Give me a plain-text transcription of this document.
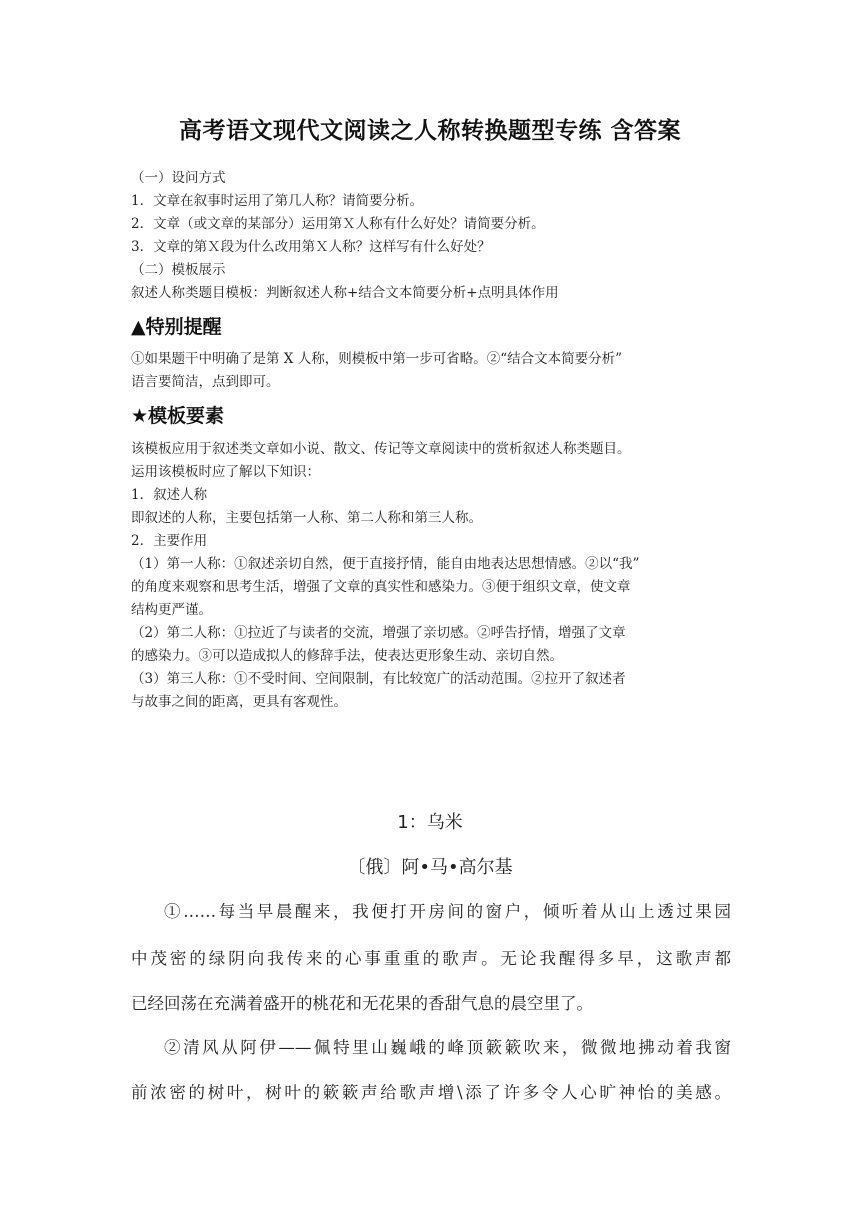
高考语文现代文阅读之人称转换题型专练 含答案
（一）设问方式
1．文章在叙事时运用了第几人称？请简要分析。
2．文章（或文章的某部分）运用第Ｘ人称有什么好处？请简要分析。
3．文章的第Ｘ段为什么改用第Ｘ人称？这样写有什么好处？
（二）模板展示
叙述人称类题目模板：判断叙述人称+结合文本简要分析+点明具体作用
▲特别提醒
①如果题干中明确了是第 X 人称，则模板中第一步可省略。②“结合文本简要分析”
语言要简洁，点到即可。
★模板要素
该模板应用于叙述类文章如小说、散文、传记等文章阅读中的赏析叙述人称类题目。
运用该模板时应了解以下知识：
1．叙述人称
即叙述的人称，主要包括第一人称、第二人称和第三人称。
2．主要作用
（1）第一人称：①叙述亲切自然，便于直接抒情，能自由地表达思想情感。②以“我”
的角度来观察和思考生活，增强了文章的真实性和感染力。③便于组织文章，使文章
结构更严谨。
（2）第二人称：①拉近了与读者的交流，增强了亲切感。②呼告抒情，增强了文章
的感染力。③可以造成拟人的修辞手法，使表达更形象生动、亲切自然。
（3）第三人称：①不受时间、空间限制，有比较宽广的活动范围。②拉开了叙述者
与故事之间的距离，更具有客观性。
1：乌米
〔俄〕阿•马•高尔基
①……每当早晨醒来，我便打开房间的窗户，倾听着从山上透过果园
中茂密的绿阴向我传来的心事重重的歌声。无论我醒得多早，这歌声都
已经回荡在充满着盛开的桃花和无花果的香甜气息的晨空里了。
②清风从阿伊——佩特里山巍峨的峰顶簌簌吹来，微微地拂动着我窗
前浓密的树叶，树叶的簌簌声给歌声增\添了许多令人心旷神怡的美感。
